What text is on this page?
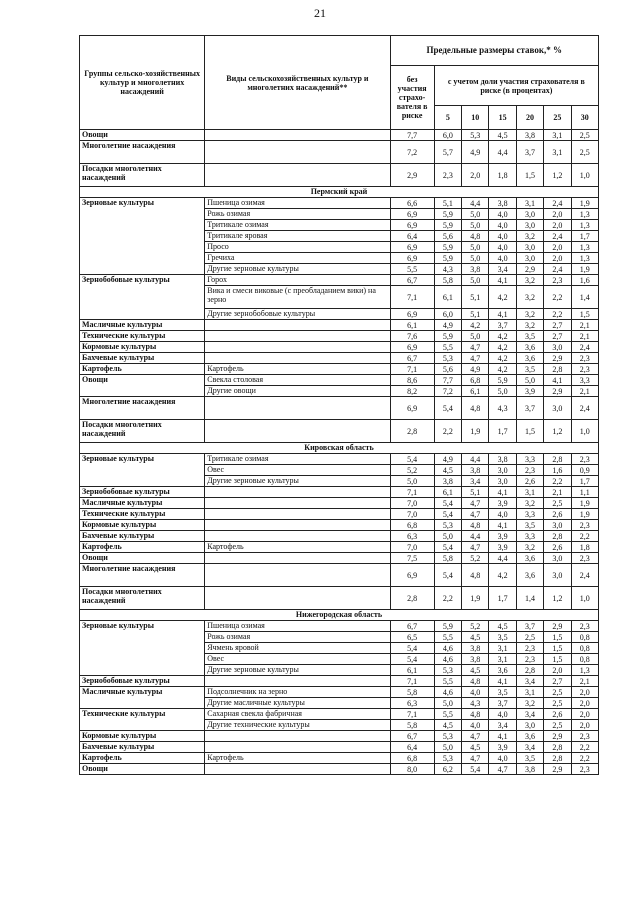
21
Группы сельско-хозяйственных культур и многолетних насаждений	Виды сельскохозяйственных культур и многолетних насаждений**	Предельные размеры ставок,* %						
		без участия страхо-вателя в риске	с учетом доли участия страхователя в риске (в процентах)					
			5	10	15	20	25	30
Овощи		7,7	6,0	5,3	4,5	3,8	3,1	2,5
Многолетние насаждения		7,2	5,7	4,9	4,4	3,7	3,1	2,5
Посадки многолетних насаждений		2,9	2,3	2,0	1,8	1,5	1,2	1,0
Пермский край								
Зерновые культуры	Пшеница озимая	6,6	5,1	4,4	3,8	3,1	2,4	1,9
	Рожь озимая	6,9	5,9	5,0	4,0	3,0	2,0	1,3
	Тритикале озимая	6,9	5,9	5,0	4,0	3,0	2,0	1,3
	Тритикале яровая	6,4	5,6	4,8	4,0	3,2	2,4	1,7
	Просо	6,9	5,9	5,0	4,0	3,0	2,0	1,3
	Гречиха	6,9	5,9	5,0	4,0	3,0	2,0	1,3
	Другие зерновые культуры	5,5	4,3	3,8	3,4	2,9	2,4	1,9
Зернобобовые культуры	Горох	6,7	5,8	5,0	4,1	3,2	2,3	1,6
	Вика и смеси виковые (с преобладанием вики) на зерно	7,1	6,1	5,1	4,2	3,2	2,2	1,4
	Другие зернобобовые культуры	6,9	6,0	5,1	4,1	3,2	2,2	1,5
Масличные культуры		6,1	4,9	4,2	3,7	3,2	2,7	2,1
Технические культуры		7,6	5,9	5,0	4,2	3,5	2,7	2,1
Кормовые культуры		6,9	5,5	4,7	4,2	3,6	3,0	2,4
Бахчевые культуры		6,7	5,3	4,7	4,2	3,6	2,9	2,3
Картофель	Картофель	7,1	5,6	4,9	4,2	3,5	2,8	2,3
Овощи	Свекла столовая	8,6	7,7	6,8	5,9	5,0	4,1	3,3
	Другие овощи	8,2	7,2	6,1	5,0	3,9	2,9	2,1
Многолетние насаждения		6,9	5,4	4,8	4,3	3,7	3,0	2,4
Посадки многолетних насаждений		2,8	2,2	1,9	1,7	1,5	1,2	1,0
Кировская область								
Зерновые культуры	Тритикале озимая	5,4	4,9	4,4	3,8	3,3	2,8	2,3
	Овес	5,2	4,5	3,8	3,0	2,3	1,6	0,9
	Другие зерновые культуры	5,0	3,8	3,4	3,0	2,6	2,2	1,7
Зернобобовые культуры		7,1	6,1	5,1	4,1	3,1	2,1	1,1
Масличные культуры		7,0	5,4	4,7	3,9	3,2	2,5	1,9
Технические культуры		7,0	5,4	4,7	4,0	3,3	2,6	1,9
Кормовые культуры		6,8	5,3	4,8	4,1	3,5	3,0	2,3
Бахчевые культуры		6,3	5,0	4,4	3,9	3,3	2,8	2,2
Картофель	Картофель	7,0	5,4	4,7	3,9	3,2	2,6	1,8
Овощи		7,5	5,8	5,2	4,4	3,6	3,0	2,3
Многолетние насаждения		6,9	5,4	4,8	4,2	3,6	3,0	2,4
Посадки многолетних насаждений		2,8	2,2	1,9	1,7	1,4	1,2	1,0
Нижегородская область								
Зерновые культуры	Пшеница озимая	6,7	5,9	5,2	4,5	3,7	2,9	2,3
	Рожь озимая	6,5	5,5	4,5	3,5	2,5	1,5	0,8
	Ячмень яровой	5,4	4,6	3,8	3,1	2,3	1,5	0,8
	Овес	5,4	4,6	3,8	3,1	2,3	1,5	0,8
	Другие зерновые культуры	6,1	5,3	4,5	3,6	2,8	2,0	1,3
Зернобобовые культуры		7,1	5,5	4,8	4,1	3,4	2,7	2,1
Масличные культуры	Подсолнечник на зерно	5,8	4,6	4,0	3,5	3,1	2,5	2,0
	Другие масличные культуры	6,3	5,0	4,3	3,7	3,2	2,5	2,0
Технические культуры	Сахарная свекла фабричная	7,1	5,5	4,8	4,0	3,4	2,6	2,0
	Другие технические культуры	5,8	4,5	4,0	3,4	3,0	2,5	2,0
Кормовые культуры		6,7	5,3	4,7	4,1	3,6	2,9	2,3
Бахчевые культуры		6,4	5,0	4,5	3,9	3,4	2,8	2,2
Картофель	Картофель	6,8	5,3	4,7	4,0	3,5	2,8	2,2
Овощи		8,0	6,2	5,4	4,7	3,8	2,9	2,3
